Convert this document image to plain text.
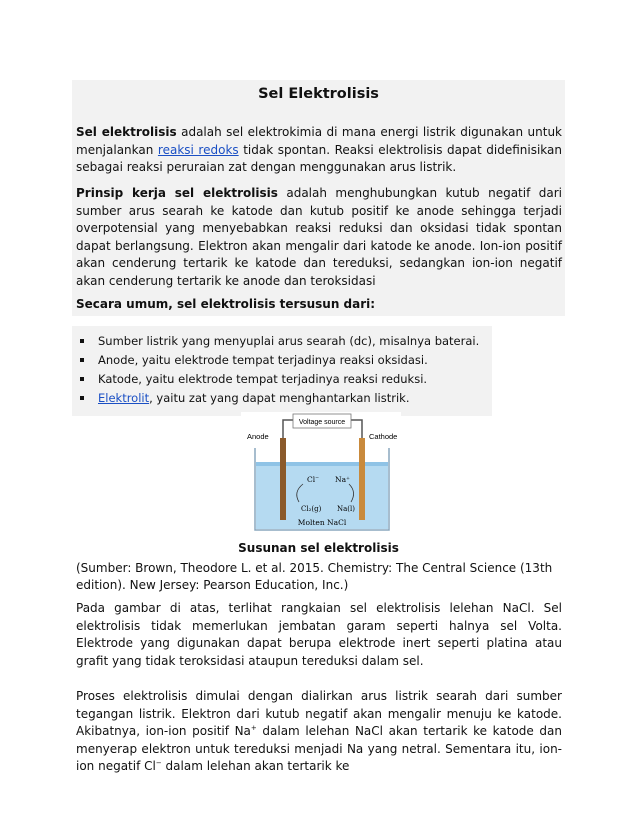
Sel Elektrolisis

Sel elektrolisis adalah sel elektrokimia di mana energi listrik digunakan untuk menjalankan reaksi redoks tidak spontan. Reaksi elektrolisis dapat didefinisikan sebagai reaksi peruraian zat dengan menggunakan arus listrik.

Prinsip kerja sel elektrolisis adalah menghubungkan kutub negatif dari sumber arus searah ke katode dan kutub positif ke anode sehingga terjadi overpotensial yang menyebabkan reaksi reduksi dan oksidasi tidak spontan dapat berlangsung. Elektron akan mengalir dari katode ke anode. Ion-ion positif akan cenderung tertarik ke katode dan tereduksi, sedangkan ion-ion negatif akan cenderung tertarik ke anode dan teroksidasi

Secara umum, sel elektrolisis tersusun dari:

Sumber listrik yang menyuplai arus searah (dc), misalnya baterai.
Anode, yaitu elektrode tempat terjadinya reaksi oksidasi.
Katode, yaitu elektrode tempat terjadinya reaksi reduksi.
Elektrolit, yaitu zat yang dapat menghantarkan listrik.
Voltage source
Anode	Cathode
Cl⁻ Na⁺
Cl₂(g) Na(l)
Molten NaCl
Susunan sel elektrolisis

(Sumber: Brown, Theodore L. et al. 2015. Chemistry: The Central Science (13th edition). New Jersey: Pearson Education, Inc.)

Pada gambar di atas, terlihat rangkaian sel elektrolisis lelehan NaCl. Sel elektrolisis tidak memerlukan jembatan garam seperti halnya sel Volta. Elektrode yang digunakan dapat berupa elektrode inert seperti platina atau grafit yang tidak teroksidasi ataupun tereduksi dalam sel.

Proses elektrolisis dimulai dengan dialirkan arus listrik searah dari sumber tegangan listrik. Elektron dari kutub negatif akan mengalir menuju ke katode. Akibatnya, ion-ion positif Na+ dalam lelehan NaCl akan tertarik ke katode dan menyerap elektron untuk tereduksi menjadi Na yang netral. Sementara itu, ion-ion negatif Cl− dalam lelehan akan tertarik ke
